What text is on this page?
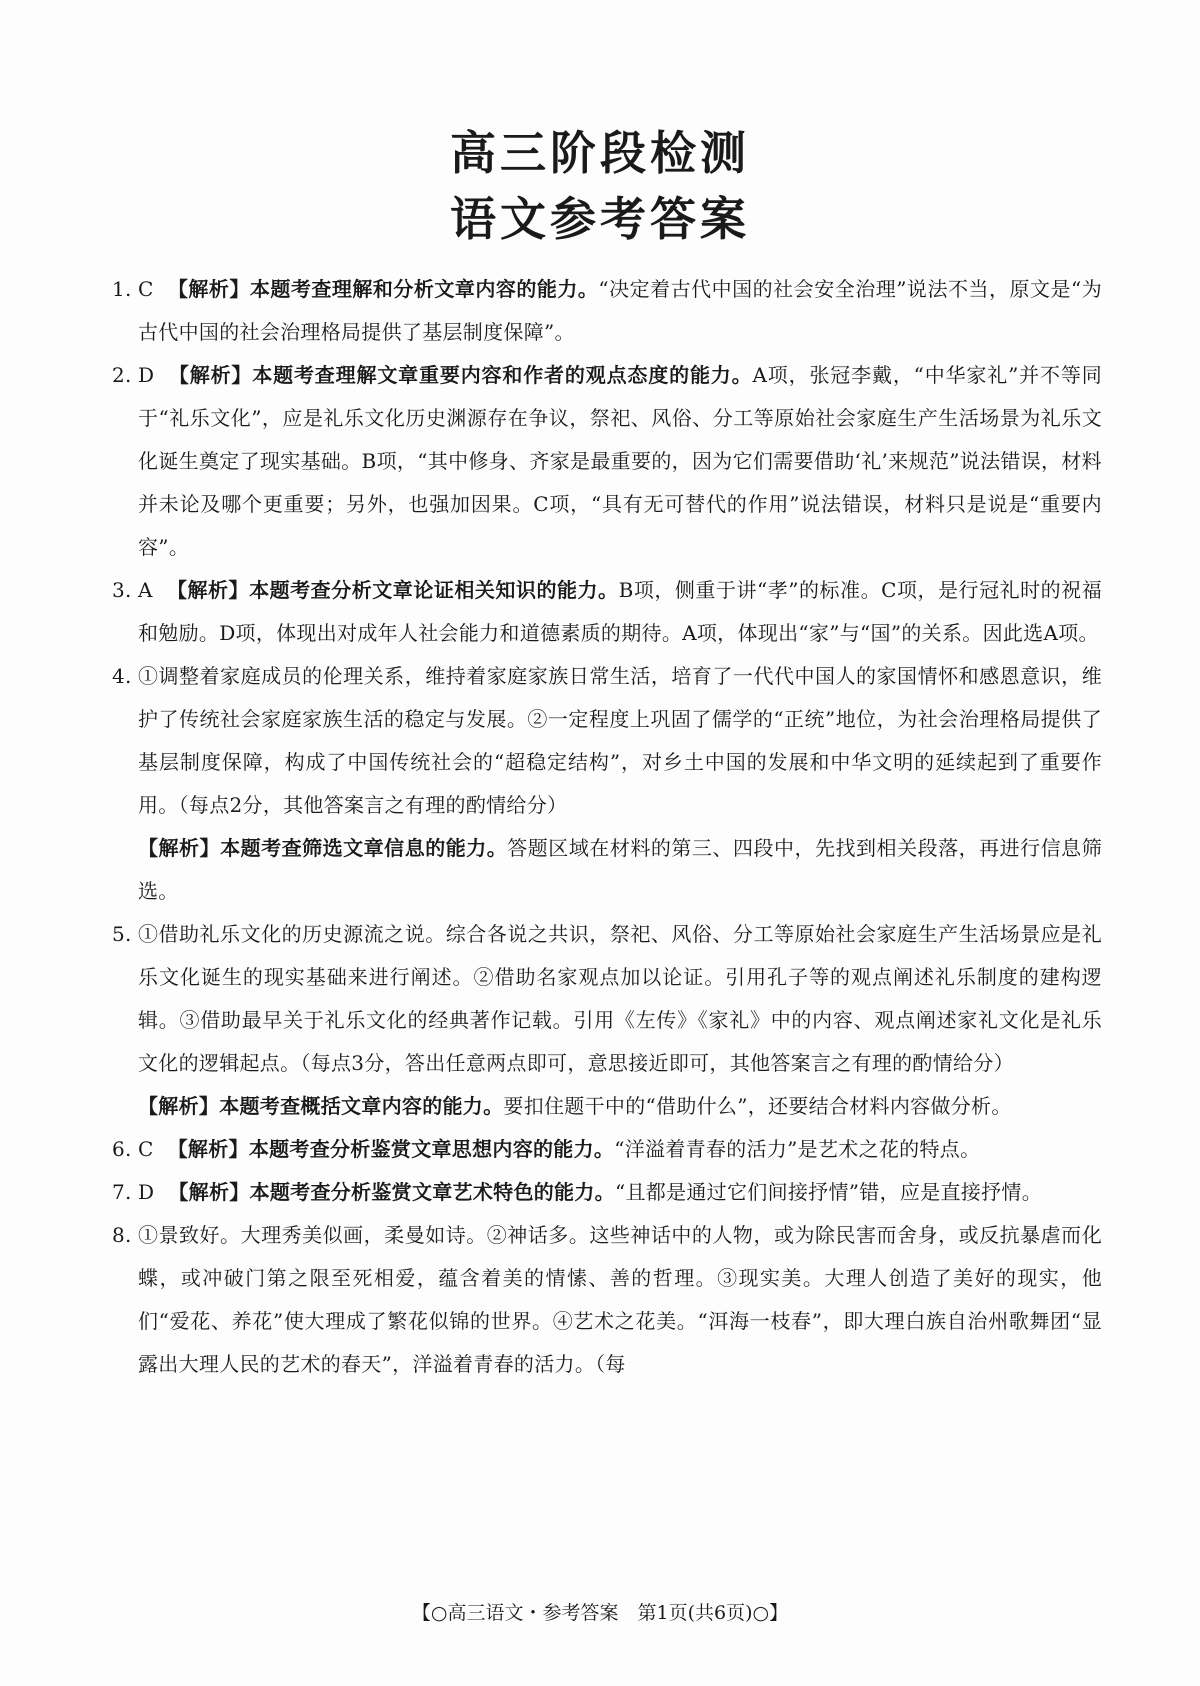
高三阶段检测
语文参考答案

1. C 【解析】本题考查理解和分析文章内容的能力。“决定着古代中国的社会安全治理”说法不当，原文是“为古代中国的社会治理格局提供了基层制度保障”。

2. D 【解析】本题考查理解文章重要内容和作者的观点态度的能力。A项，张冠李戴，“中华家礼”并不等同于“礼乐文化”，应是礼乐文化历史渊源存在争议，祭祀、风俗、分工等原始社会家庭生产生活场景为礼乐文化诞生奠定了现实基础。B项，“其中修身、齐家是最重要的，因为它们需要借助‘礼’来规范”说法错误，材料并未论及哪个更重要；另外，也强加因果。C项，“具有无可替代的作用”说法错误，材料只是说是“重要内容”。

3. A 【解析】本题考查分析文章论证相关知识的能力。B项，侧重于讲“孝”的标准。C项，是行冠礼时的祝福和勉励。D项，体现出对成年人社会能力和道德素质的期待。A项，体现出“家”与“国”的关系。因此选A项。

4. ①调整着家庭成员的伦理关系，维持着家庭家族日常生活，培育了一代代中国人的家国情怀和感恩意识，维护了传统社会家庭家族生活的稳定与发展。②一定程度上巩固了儒学的“正统”地位，为社会治理格局提供了基层制度保障，构成了中国传统社会的“超稳定结构”，对乡土中国的发展和中华文明的延续起到了重要作用。（每点2分，其他答案言之有理的酌情给分）

【解析】本题考查筛选文章信息的能力。答题区域在材料的第三、四段中，先找到相关段落，再进行信息筛选。

5. ①借助礼乐文化的历史源流之说。综合各说之共识，祭祀、风俗、分工等原始社会家庭生产生活场景应是礼乐文化诞生的现实基础来进行阐述。②借助名家观点加以论证。引用孔子等的观点阐述礼乐制度的建构逻辑。③借助最早关于礼乐文化的经典著作记载。引用《左传》《家礼》中的内容、观点阐述家礼文化是礼乐文化的逻辑起点。（每点3分，答出任意两点即可，意思接近即可，其他答案言之有理的酌情给分）

【解析】本题考查概括文章内容的能力。要扣住题干中的“借助什么”，还要结合材料内容做分析。

6. C 【解析】本题考查分析鉴赏文章思想内容的能力。“洋溢着青春的活力”是艺术之花的特点。

7. D 【解析】本题考查分析鉴赏文章艺术特色的能力。“且都是通过它们间接抒情”错，应是直接抒情。

8. ①景致好。大理秀美似画，柔曼如诗。②神话多。这些神话中的人物，或为除民害而舍身，或反抗暴虐而化蝶，或冲破门第之限至死相爱，蕴含着美的情愫、善的哲理。③现实美。大理人创造了美好的现实，他们“爱花、养花”使大理成了繁花似锦的世界。④艺术之花美。“洱海一枝春”，即大理白族自治州歌舞团“显露出大理人民的艺术的春天”，洋溢着青春的活力。（每

【○高三语文・参考答案　第1页(共6页)○】
